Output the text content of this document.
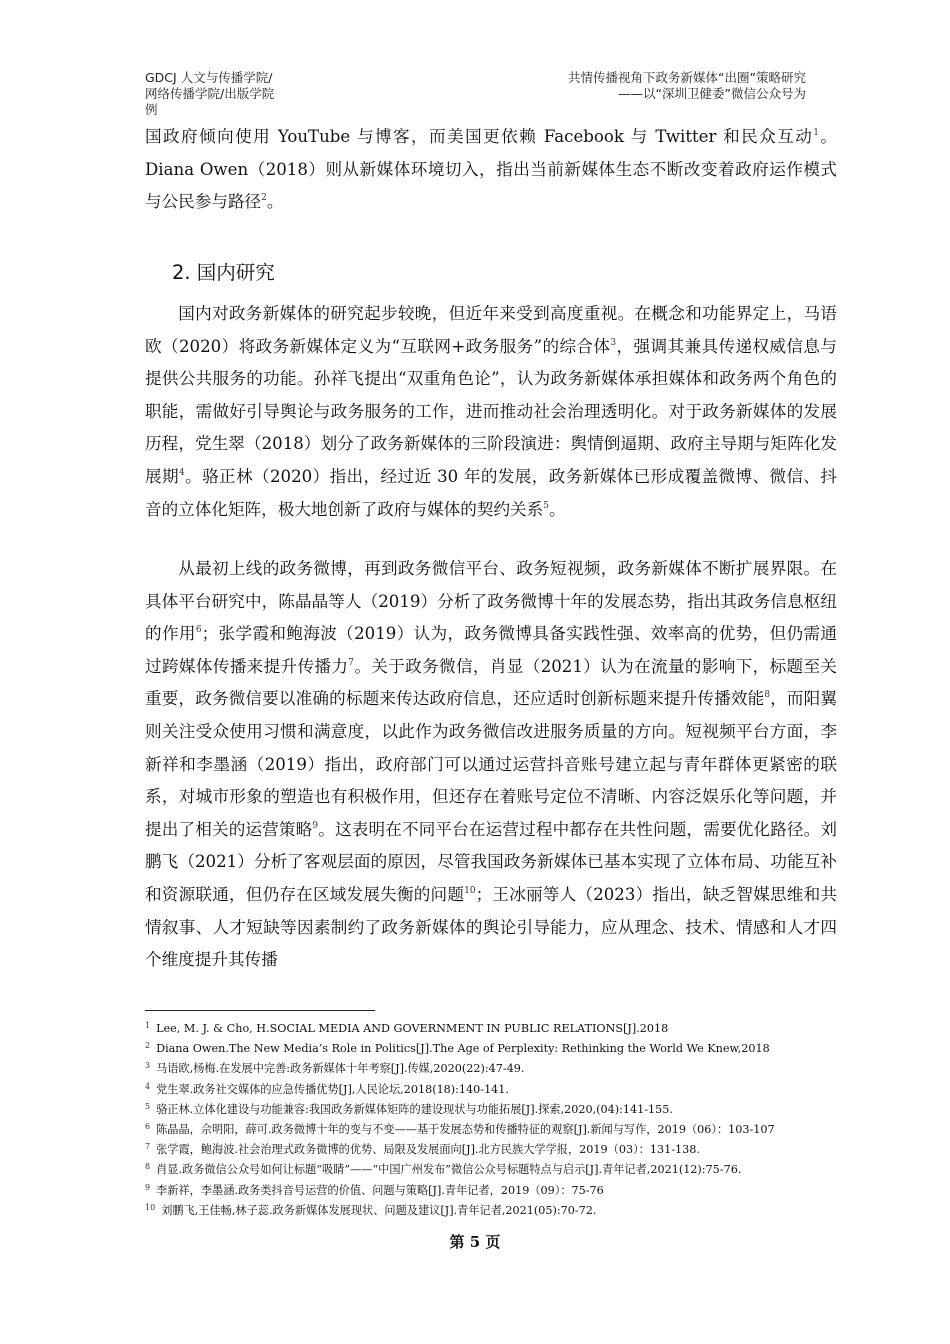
GDCJ 人文与传播学院/
网络传播学院/出版学院
例
共情传播视角下政务新媒体“出圈”策略研究
——以“深圳卫健委”微信公众号为

国政府倾向使用 YouTube 与博客，而美国更依赖 Facebook 与 Twitter 和民众互动$^1$。Diana Owen（2018）则从新媒体环境切入，指出当前新媒体生态不断改变着政府运作模式与公民参与路径$^2$。

2. 国内研究

国内对政务新媒体的研究起步较晚，但近年来受到高度重视。在概念和功能界定上，马语欧（2020）将政务新媒体定义为“互联网+政务服务”的综合体$^3$，强调其兼具传递权威信息与提供公共服务的功能。孙祥飞提出“双重角色论”，认为政务新媒体承担媒体和政务两个角色的职能，需做好引导舆论与政务服务的工作，进而推动社会治理透明化。对于政务新媒体的发展历程，党生翠（2018）划分了政务新媒体的三阶段演进：舆情倒逼期、政府主导期与矩阵化发展期$^4$。骆正林（2020）指出，经过近 30 年的发展，政务新媒体已形成覆盖微博、微信、抖音的立体化矩阵，极大地创新了政府与媒体的契约关系$^5$。

从最初上线的政务微博，再到政务微信平台、政务短视频，政务新媒体不断扩展界限。在具体平台研究中，陈晶晶等人（2019）分析了政务微博十年的发展态势，指出其政务信息枢纽的作用$^6$；张学霞和鲍海波（2019）认为，政务微博具备实践性强、效率高的优势，但仍需通过跨媒体传播来提升传播力$^7$。关于政务微信，肖显（2021）认为在流量的影响下，标题至关重要，政务微信要以准确的标题来传达政府信息，还应适时创新标题来提升传播效能$^8$，而阳翼则关注受众使用习惯和满意度，以此作为政务微信改进服务质量的方向。短视频平台方面，李新祥和李墨涵（2019）指出，政府部门可以通过运营抖音账号建立起与青年群体更紧密的联系，对城市形象的塑造也有积极作用，但还存在着账号定位不清晰、内容泛娱乐化等问题，并提出了相关的运营策略$^9$。这表明在不同平台在运营过程中都存在共性问题，需要优化路径。刘鹏飞（2021）分析了客观层面的原因，尽管我国政务新媒体已基本实现了立体布局、功能互补和资源联通，但仍存在区域发展失衡的问题$^{10}$；王冰丽等人（2023）指出，缺乏智媒思维和共情叙事、人才短缺等因素制约了政务新媒体的舆论引导能力，应从理念、技术、情感和人才四个维度提升其传播

$^1$ Lee, M. J. & Cho, H.SOCIAL MEDIA AND GOVERNMENT IN PUBLIC RELATIONS[J].2018
$^2$ Diana Owen.The New Media’s Role in Politics[J].The Age of Perplexity: Rethinking the World We Knew,2018
$^3$ 马语欧,杨梅.在发展中完善:政务新媒体十年考察[J].传媒,2020(22):47-49.
$^4$ 党生翠.政务社交媒体的应急传播优势[J],人民论坛,2018(18):140-141.
$^5$ 骆正林.立体化建设与功能兼容:我国政务新媒体矩阵的建设现状与功能拓展[J].探索,2020,(04):141-155.
$^6$ 陈晶晶，佘明阳，薛可.政务微博十年的变与不变——基于发展态势和传播特征的观察[J].新闻与写作，2019（06）：103-107
$^7$ 张学霞，鲍海波.社会治理式政务微博的优势、局限及发展面向[J].北方民族大学学报，2019（03）：131-138.
$^8$ 肖显.政务微信公众号如何让标题“吸睛”——“中国广州发布”微信公众号标题特点与启示[J].青年记者,2021(12):75-76.
$^9$ 李新祥，李墨涵.政务类抖音号运营的价值、问题与策略[J].青年记者，2019（09）：75-76
$^{10}$ 刘鹏飞,王佳畅,林子蕊.政务新媒体发展现状、问题及建议[J].青年记者,2021(05):70-72.
第 5 页
